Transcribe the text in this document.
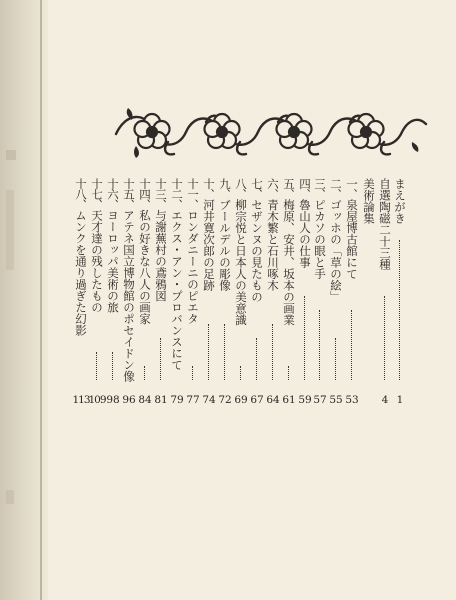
まえがき
1
自選陶磁二十三種
4
美術論集
一、泉屋博古館にて
53
二、ゴッホの「草の絵」
55
三、ピカソの眼と手
57
四、魯山人の仕事
59
五、梅原、安井、坂本の画業
61
六、青木繁と石川啄木
64
七、セザンヌの見たもの
67
八、柳宗悦と日本人の美意識
69
九、ブールデルの彫像
72
十、河井寛次郎の足跡
74
十一、ロンダニーニのピエタ
77
十二、エクス・アン・プロバンスにて
79
十三、与謝蕪村の鳶鴉図
81
十四、私の好きな八人の画家
84
十五、アテネ国立博物館のポセイドン像
96
十六、ヨーロッパ美術の旅
98
十七、天才達の残したもの
109
十八、ムンクを通り過ぎた幻影
113
